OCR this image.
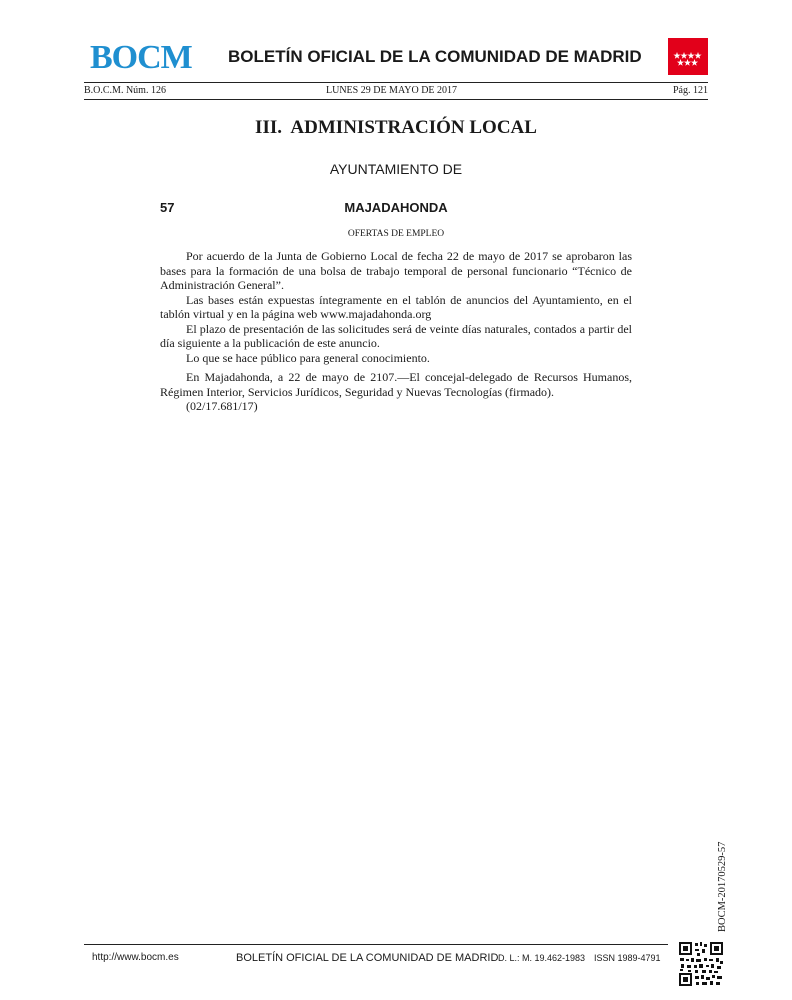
BOCM BOLETÍN OFICIAL DE LA COMUNIDAD DE MADRID
B.O.C.M. Núm. 126	LUNES 29 DE MAYO DE 2017	Pág. 121
III.  ADMINISTRACIÓN LOCAL
AYUNTAMIENTO DE
57	MAJADAHONDA
OFERTAS DE EMPLEO

Por acuerdo de la Junta de Gobierno Local de fecha 22 de mayo de 2017 se aprobaron las bases para la formación de una bolsa de trabajo temporal de personal funcionario “Técnico de Administración General”.

Las bases están expuestas íntegramente en el tablón de anuncios del Ayuntamiento, en el tablón virtual y en la página web www.majadahonda.org

El plazo de presentación de las solicitudes será de veinte días naturales, contados a partir del día siguiente a la publicación de este anuncio.

Lo que se hace público para general conocimiento.

En Majadahonda, a 22 de mayo de 2107.—El concejal-delegado de Recursos Humanos, Régimen Interior, Servicios Jurídicos, Seguridad y Nuevas Tecnologías (firmado).

(02/17.681/17)

BOCM-20170529-57
http://www.bocm.es	BOLETÍN OFICIAL DE LA COMUNIDAD DE MADRID D. L.: M. 19.462-1983 ISSN 1989-4791
